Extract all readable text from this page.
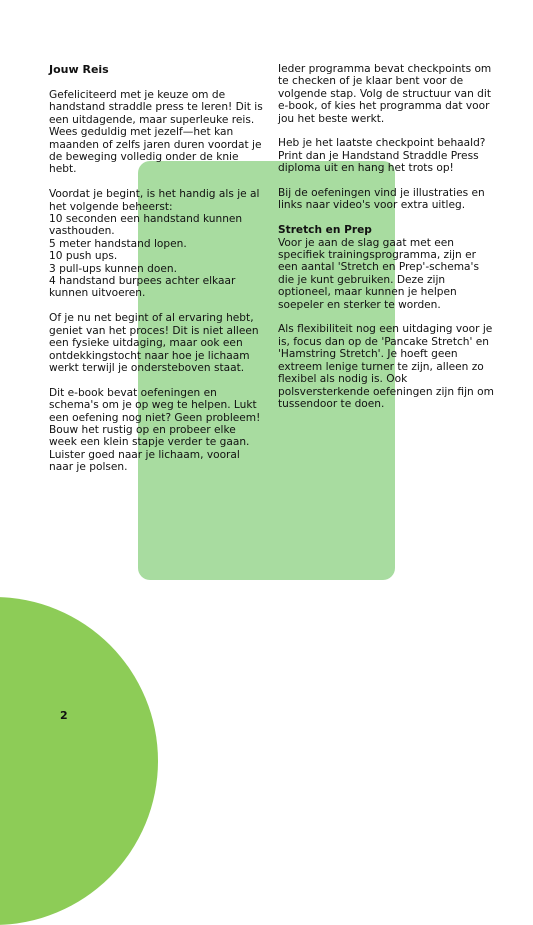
Jouw Reis

Gefeliciteerd met je keuze om de handstand straddle press te leren! Dit is een uitdagende, maar superleuke reis. Wees geduldig met jezelf—het kan maanden of zelfs jaren duren voordat je de beweging volledig onder de knie hebt.

Voordat je begint, is het handig als je al het volgende beheerst:
10 seconden een handstand kunnen vasthouden.
5 meter handstand lopen.
10 push ups.
3 pull-ups kunnen doen.
4 handstand burpees achter elkaar kunnen uitvoeren.

Of je nu net begint of al ervaring hebt, geniet van het proces! Dit is niet alleen een fysieke uitdaging, maar ook een ontdekkingstocht naar hoe je lichaam werkt terwijl je ondersteboven staat.

Dit e-book bevat oefeningen en schema's om je op weg te helpen. Lukt een oefening nog niet? Geen probleem! Bouw het rustig op en probeer elke week een klein stapje verder te gaan. Luister goed naar je lichaam, vooral naar je polsen.

Ieder programma bevat checkpoints om te checken of je klaar bent voor de volgende stap. Volg de structuur van dit e-book, of kies het programma dat voor jou het beste werkt.

Heb je het laatste checkpoint behaald? Print dan je Handstand Straddle Press diploma uit en hang het trots op!

Bij de oefeningen vind je illustraties en links naar video's voor extra uitleg.

Stretch en Prep

Voor je aan de slag gaat met een specifiek trainingsprogramma, zijn er een aantal 'Stretch en Prep'-schema's die je kunt gebruiken. Deze zijn optioneel, maar kunnen je helpen soepeler en sterker te worden.

Als flexibiliteit nog een uitdaging voor je is, focus dan op de 'Pancake Stretch' en 'Hamstring Stretch'. Je hoeft geen extreem lenige turner te zijn, alleen zo flexibel als nodig is. Ook polsversterkende oefeningen zijn fijn om tussendoor te doen.

2
